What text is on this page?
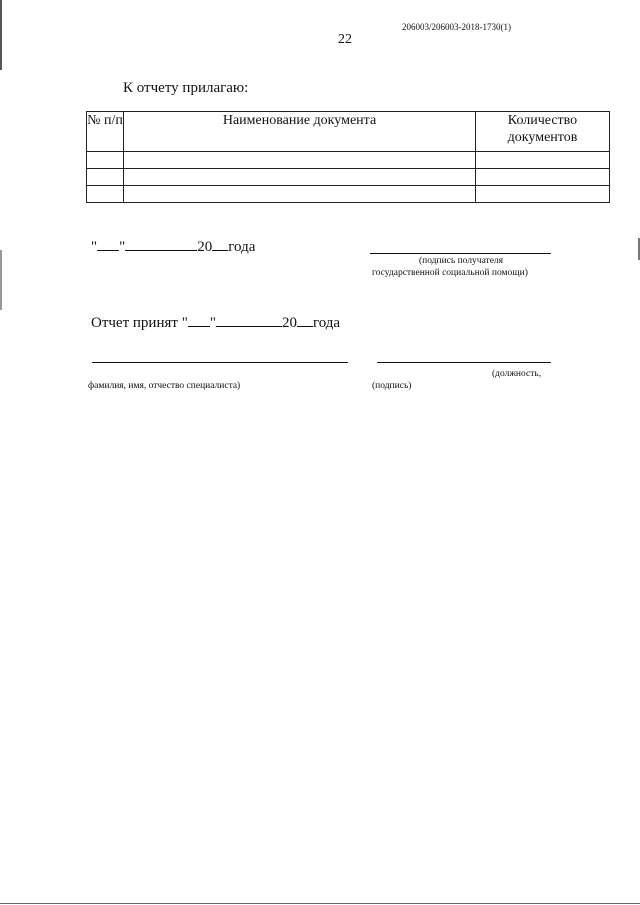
206003/206003-2018-1730(1)
22
К отчету прилагаю:
№ п/п	Наименование документа	Количество документов

" "	20 года
(подпись получателя
государственной социальной помощи)
Отчет принят " "	20 года
(должность,
фамилия, имя, отчество специалиста)	(подпись)
